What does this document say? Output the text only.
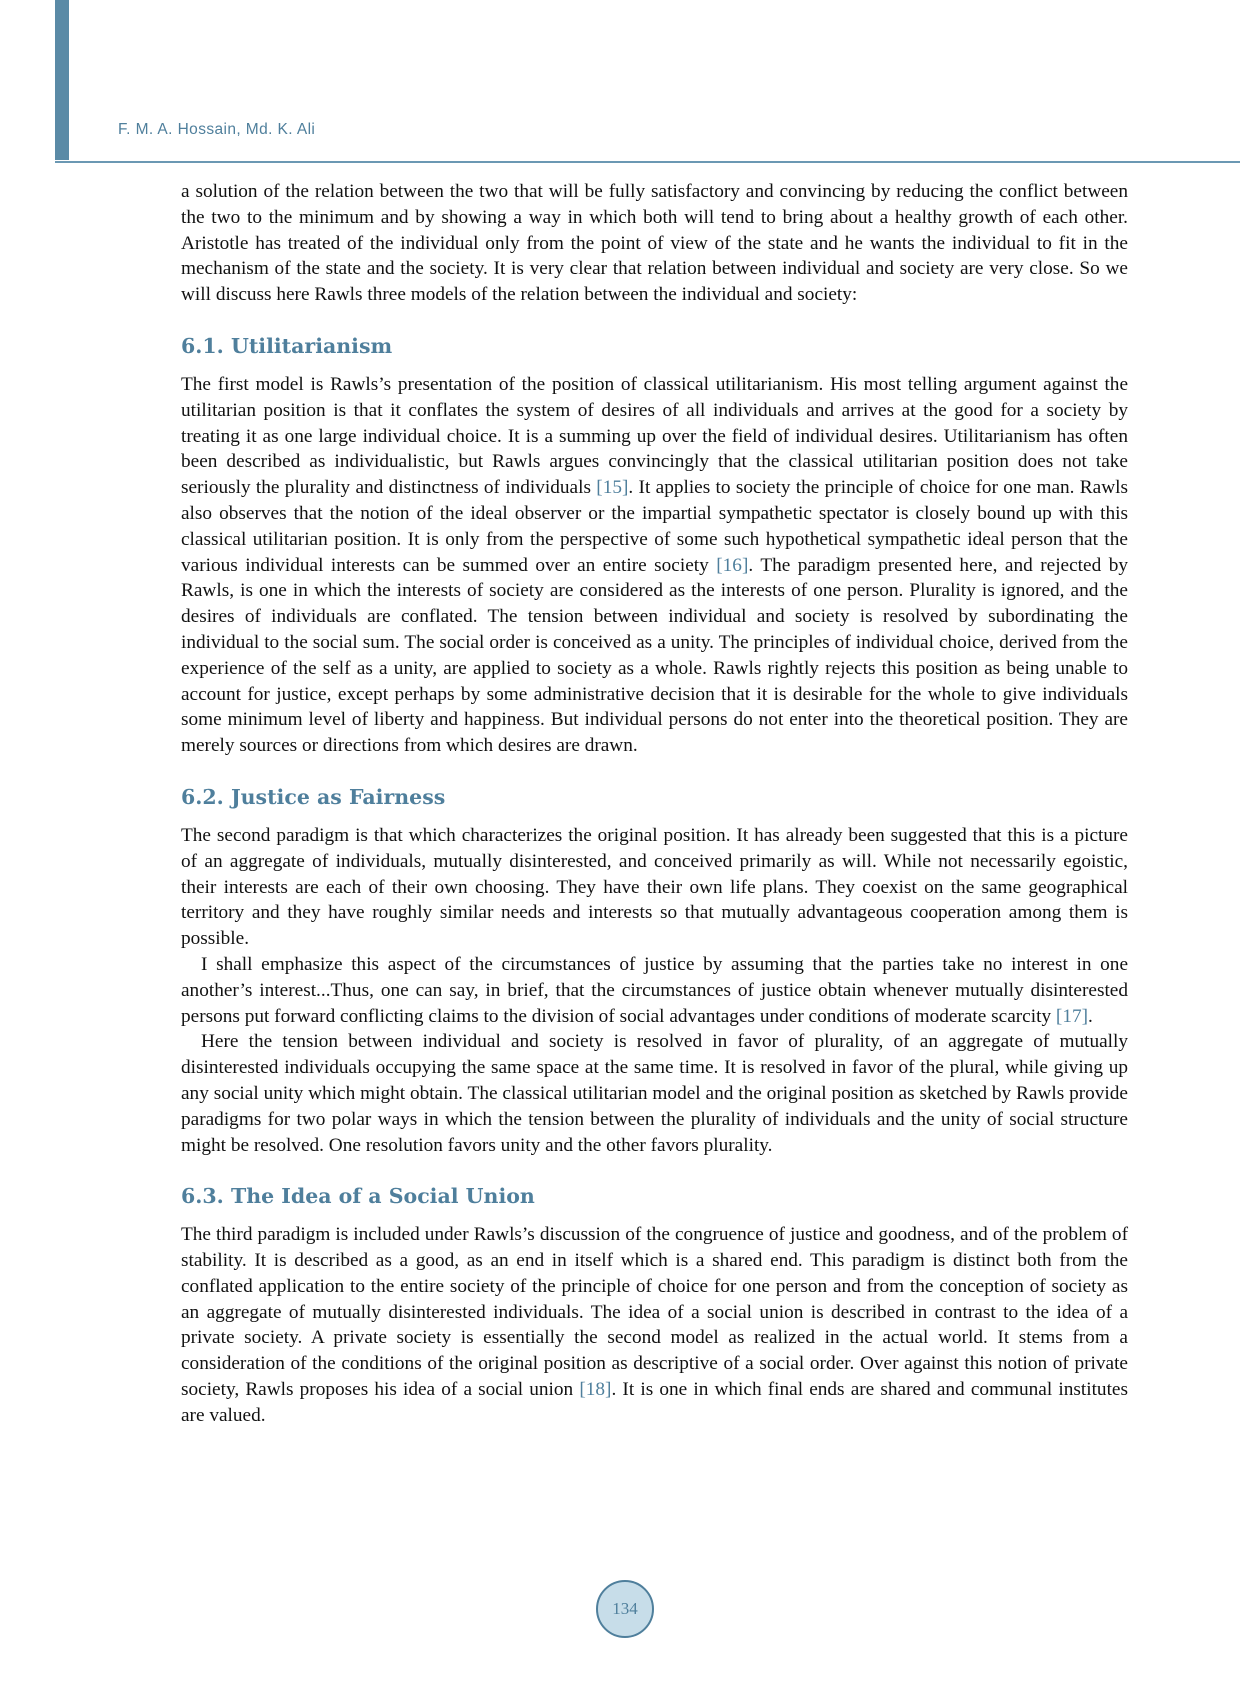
F. M. A. Hossain, Md. K. Ali

a solution of the relation between the two that will be fully satisfactory and convincing by reducing the conflict between the two to the minimum and by showing a way in which both will tend to bring about a healthy growth of each other. Aristotle has treated of the individual only from the point of view of the state and he wants the individual to fit in the mechanism of the state and the society. It is very clear that relation between individual and society are very close. So we will discuss here Rawls three models of the relation between the individual and society:

6.1. Utilitarianism

The first model is Rawls’s presentation of the position of classical utilitarianism. His most telling argument against the utilitarian position is that it conflates the system of desires of all individuals and arrives at the good for a society by treating it as one large individual choice. It is a summing up over the field of individual desires. Utilitarianism has often been described as individualistic, but Rawls argues convincingly that the classical utilitarian position does not take seriously the plurality and distinctness of individuals [15]. It applies to society the principle of choice for one man. Rawls also observes that the notion of the ideal observer or the impartial sympathetic spectator is closely bound up with this classical utilitarian position. It is only from the perspective of some such hypothetical sympathetic ideal person that the various individual interests can be summed over an entire society [16]. The paradigm presented here, and rejected by Rawls, is one in which the interests of society are considered as the interests of one person. Plurality is ignored, and the desires of individuals are conflated. The tension between individual and society is resolved by subordinating the individual to the social sum. The social order is conceived as a unity. The principles of individual choice, derived from the experience of the self as a unity, are applied to society as a whole. Rawls rightly rejects this position as being unable to account for justice, except perhaps by some administrative decision that it is desirable for the whole to give individuals some minimum level of liberty and happiness. But individual persons do not enter into the theoretical position. They are merely sources or directions from which desires are drawn.

6.2. Justice as Fairness

The second paradigm is that which characterizes the original position. It has already been suggested that this is a picture of an aggregate of individuals, mutually disinterested, and conceived primarily as will. While not necessarily egoistic, their interests are each of their own choosing. They have their own life plans. They coexist on the same geographical territory and they have roughly similar needs and interests so that mutually advantageous cooperation among them is possible.

I shall emphasize this aspect of the circumstances of justice by assuming that the parties take no interest in one another’s interest...Thus, one can say, in brief, that the circumstances of justice obtain whenever mutually disinterested persons put forward conflicting claims to the division of social advantages under conditions of moderate scarcity [17].

Here the tension between individual and society is resolved in favor of plurality, of an aggregate of mutually disinterested individuals occupying the same space at the same time. It is resolved in favor of the plural, while giving up any social unity which might obtain. The classical utilitarian model and the original position as sketched by Rawls provide paradigms for two polar ways in which the tension between the plurality of individuals and the unity of social structure might be resolved. One resolution favors unity and the other favors plurality.

6.3. The Idea of a Social Union

The third paradigm is included under Rawls’s discussion of the congruence of justice and goodness, and of the problem of stability. It is described as a good, as an end in itself which is a shared end. This paradigm is distinct both from the conflated application to the entire society of the principle of choice for one person and from the conception of society as an aggregate of mutually disinterested individuals. The idea of a social union is described in contrast to the idea of a private society. A private society is essentially the second model as realized in the actual world. It stems from a consideration of the conditions of the original position as descriptive of a social order. Over against this notion of private society, Rawls proposes his idea of a social union [18]. It is one in which final ends are shared and communal institutes are valued.

134
